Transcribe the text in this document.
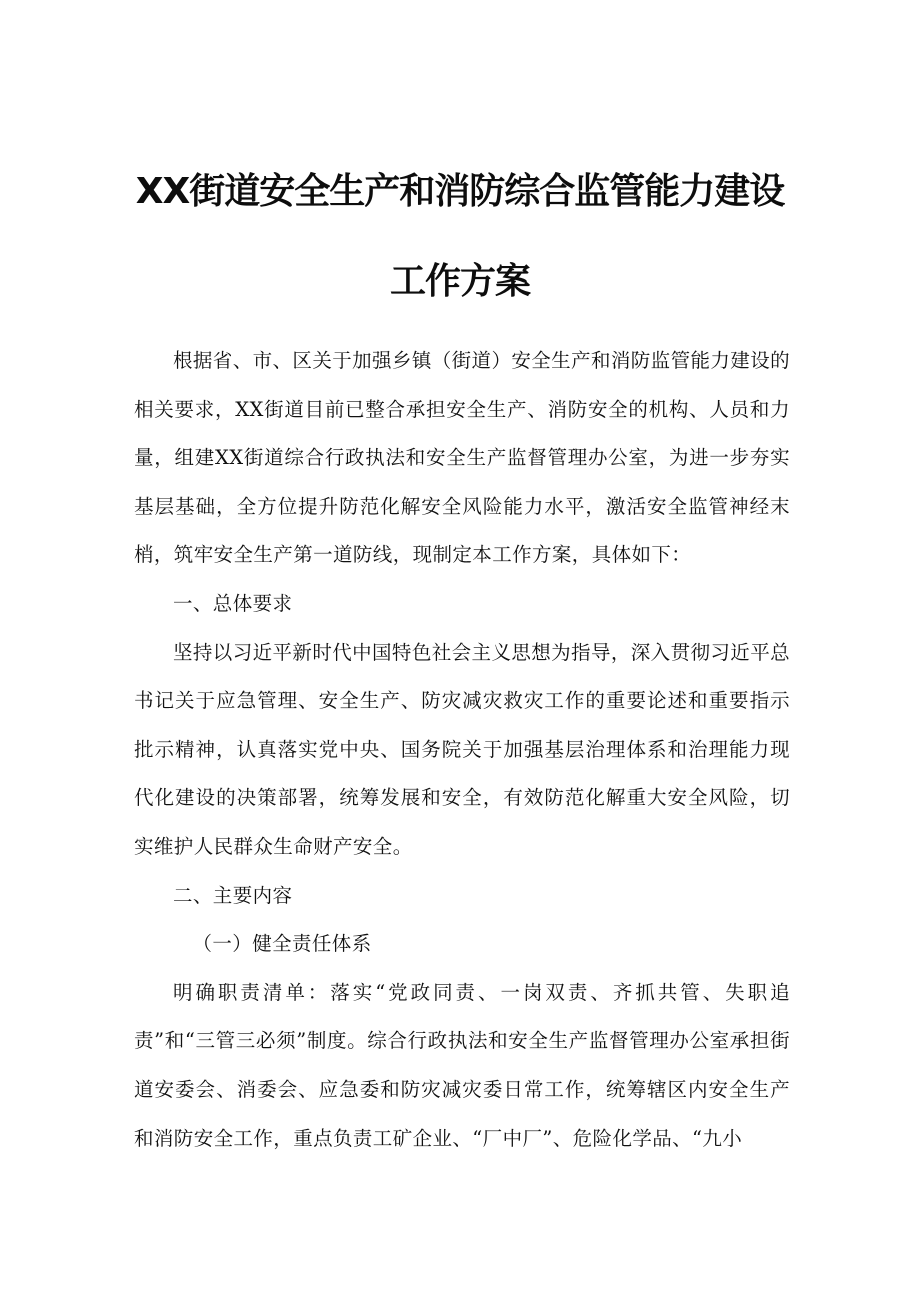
XX街道安全生产和消防综合监管能力建设
工作方案

根据省、市、区关于加强乡镇（街道）安全生产和消防监管能力建设的相关要求，XX街道目前已整合承担安全生产、消防安全的机构、人员和力量，组建XX街道综合行政执法和安全生产监督管理办公室，为进一步夯实基层基础，全方位提升防范化解安全风险能力水平，激活安全监管神经末梢，筑牢安全生产第一道防线，现制定本工作方案，具体如下：

一、总体要求

坚持以习近平新时代中国特色社会主义思想为指导，深入贯彻习近平总书记关于应急管理、安全生产、防灾减灾救灾工作的重要论述和重要指示批示精神，认真落实党中央、国务院关于加强基层治理体系和治理能力现代化建设的决策部署，统筹发展和安全，有效防范化解重大安全风险，切实维护人民群众生命财产安全。

二、主要内容

（一）健全责任体系

明确职责清单：落实“党政同责、一岗双责、齐抓共管、失职追责”和“三管三必须”制度。综合行政执法和安全生产监督管理办公室承担街道安委会、消委会、应急委和防灾减灾委日常工作，统筹辖区内安全生产和消防安全工作，重点负责工矿企业、“厂中厂”、危险化学品、“九小
